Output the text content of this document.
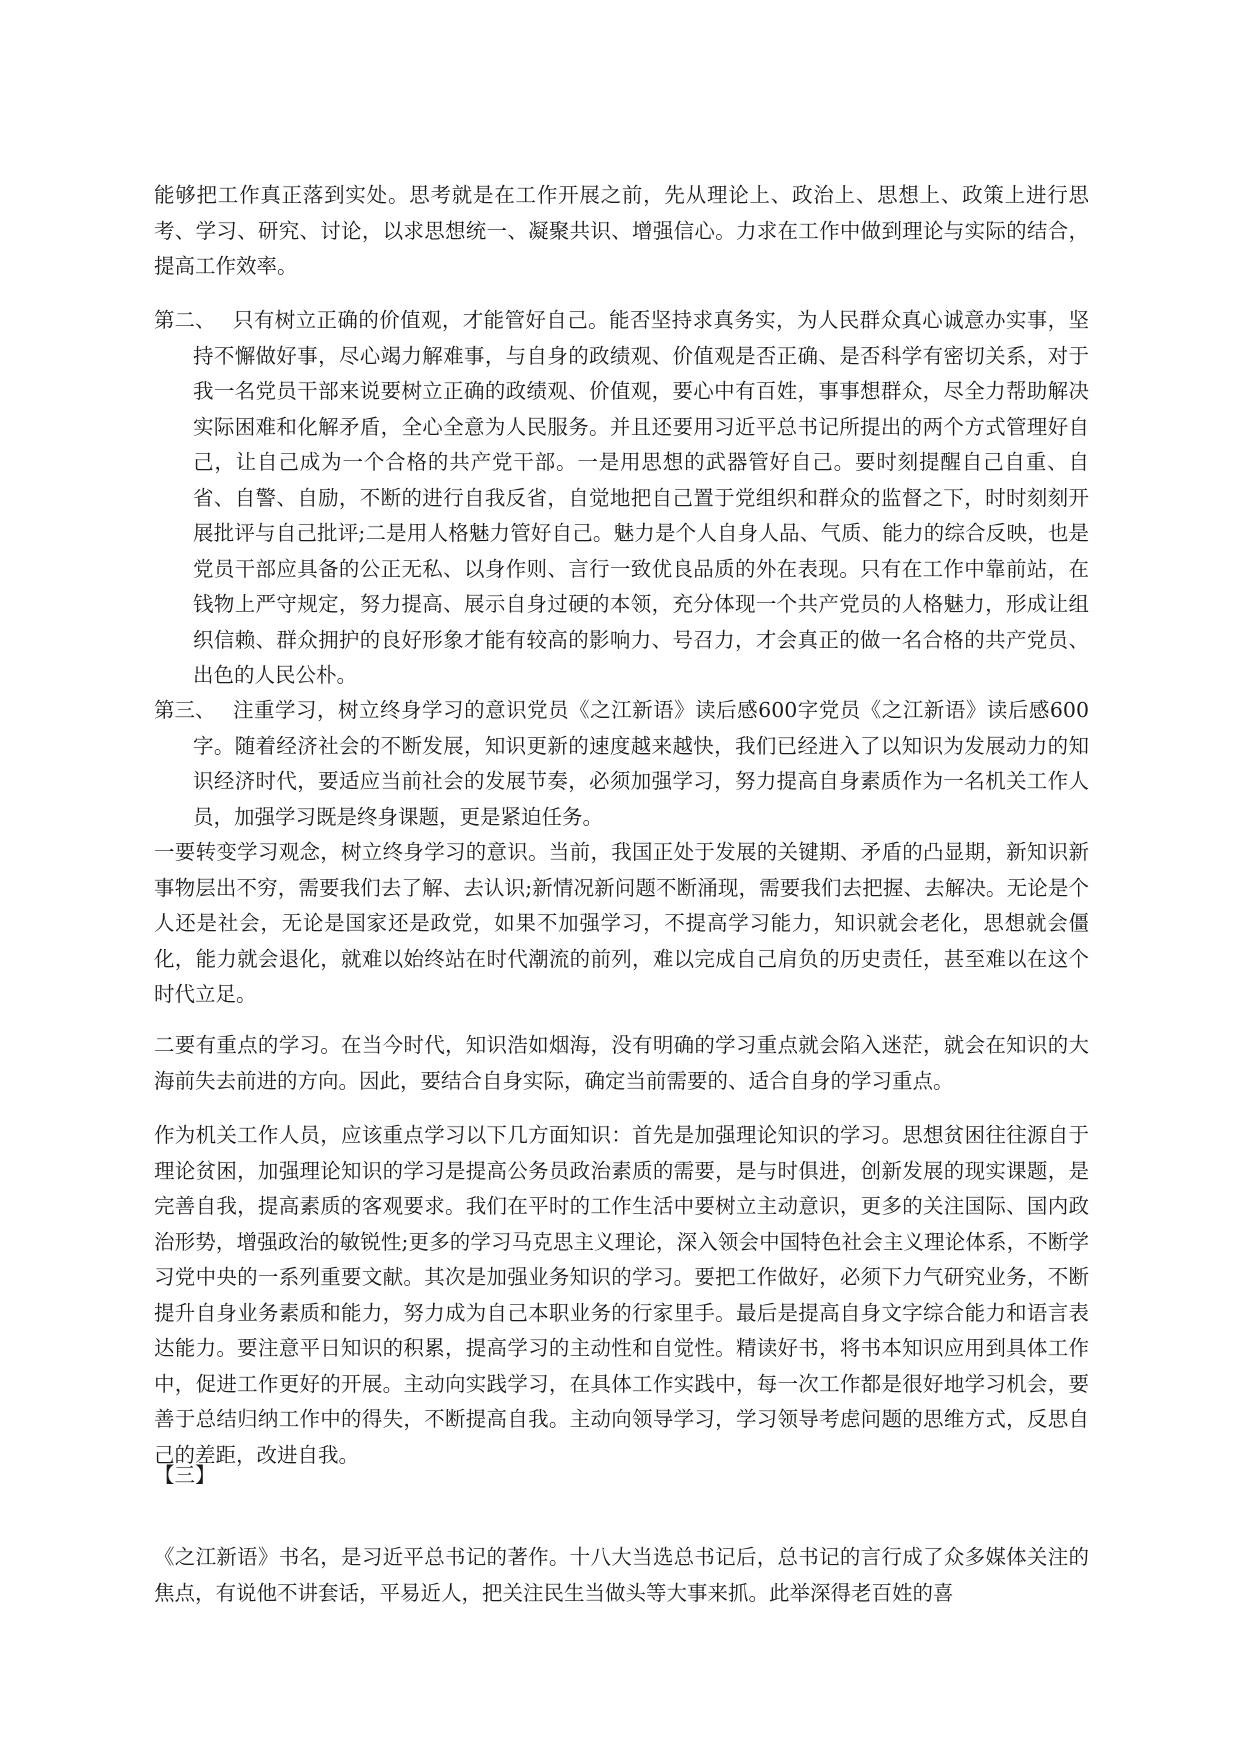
能够把工作真正落到实处。思考就是在工作开展之前，先从理论上、政治上、思想上、政策上进行思考、学习、研究、讨论，以求思想统一、凝聚共识、增强信心。力求在工作中做到理论与实际的结合，提高工作效率。

第二、 只有树立正确的价值观，才能管好自己。能否坚持求真务实，为人民群众真心诚意办实事，坚持不懈做好事，尽心竭力解难事，与自身的政绩观、价值观是否正确、是否科学有密切关系，对于我一名党员干部来说要树立正确的政绩观、价值观，要心中有百姓，事事想群众，尽全力帮助解决实际困难和化解矛盾，全心全意为人民服务。并且还要用习近平总书记所提出的两个方式管理好自己，让自己成为一个合格的共产党干部。一是用思想的武器管好自己。要时刻提醒自己自重、自省、自警、自励，不断的进行自我反省，自觉地把自己置于党组织和群众的监督之下，时时刻刻开展批评与自己批评;二是用人格魅力管好自己。魅力是个人自身人品、气质、能力的综合反映，也是党员干部应具备的公正无私、以身作则、言行一致优良品质的外在表现。只有在工作中靠前站，在钱物上严守规定，努力提高、展示自身过硬的本领，充分体现一个共产党员的人格魅力，形成让组织信赖、群众拥护的良好形象才能有较高的影响力、号召力，才会真正的做一名合格的共产党员、出色的人民公朴。

第三、 注重学习，树立终身学习的意识党员《之江新语》读后感600字党员《之江新语》读后感600字。随着经济社会的不断发展，知识更新的速度越来越快，我们已经进入了以知识为发展动力的知识经济时代，要适应当前社会的发展节奏，必须加强学习，努力提高自身素质作为一名机关工作人员，加强学习既是终身课题，更是紧迫任务。

一要转变学习观念，树立终身学习的意识。当前，我国正处于发展的关键期、矛盾的凸显期，新知识新事物层出不穷，需要我们去了解、去认识;新情况新问题不断涌现，需要我们去把握、去解决。无论是个人还是社会，无论是国家还是政党，如果不加强学习，不提高学习能力，知识就会老化，思想就会僵化，能力就会退化，就难以始终站在时代潮流的前列，难以完成自己肩负的历史责任，甚至难以在这个时代立足。

二要有重点的学习。在当今时代，知识浩如烟海，没有明确的学习重点就会陷入迷茫，就会在知识的大海前失去前进的方向。因此，要结合自身实际，确定当前需要的、适合自身的学习重点。

作为机关工作人员，应该重点学习以下几方面知识：首先是加强理论知识的学习。思想贫困往往源自于理论贫困，加强理论知识的学习是提高公务员政治素质的需要，是与时俱进，创新发展的现实课题，是完善自我，提高素质的客观要求。我们在平时的工作生活中要树立主动意识，更多的关注国际、国内政治形势，增强政治的敏锐性;更多的学习马克思主义理论，深入领会中国特色社会主义理论体系，不断学习党中央的一系列重要文献。其次是加强业务知识的学习。要把工作做好，必须下力气研究业务，不断提升自身业务素质和能力，努力成为自己本职业务的行家里手。最后是提高自身文字综合能力和语言表达能力。要注意平日知识的积累，提高学习的主动性和自觉性。精读好书，将书本知识应用到具体工作中，促进工作更好的开展。主动向实践学习，在具体工作实践中，每一次工作都是很好地学习机会，要善于总结归纳工作中的得失，不断提高自我。主动向领导学习，学习领导考虑问题的思维方式，反思自己的差距，改进自我。

【三】

《之江新语》书名，是习近平总书记的著作。十八大当选总书记后，总书记的言行成了众多媒体关注的焦点，有说他不讲套话，平易近人，把关注民生当做头等大事来抓。此举深得老百姓的喜
